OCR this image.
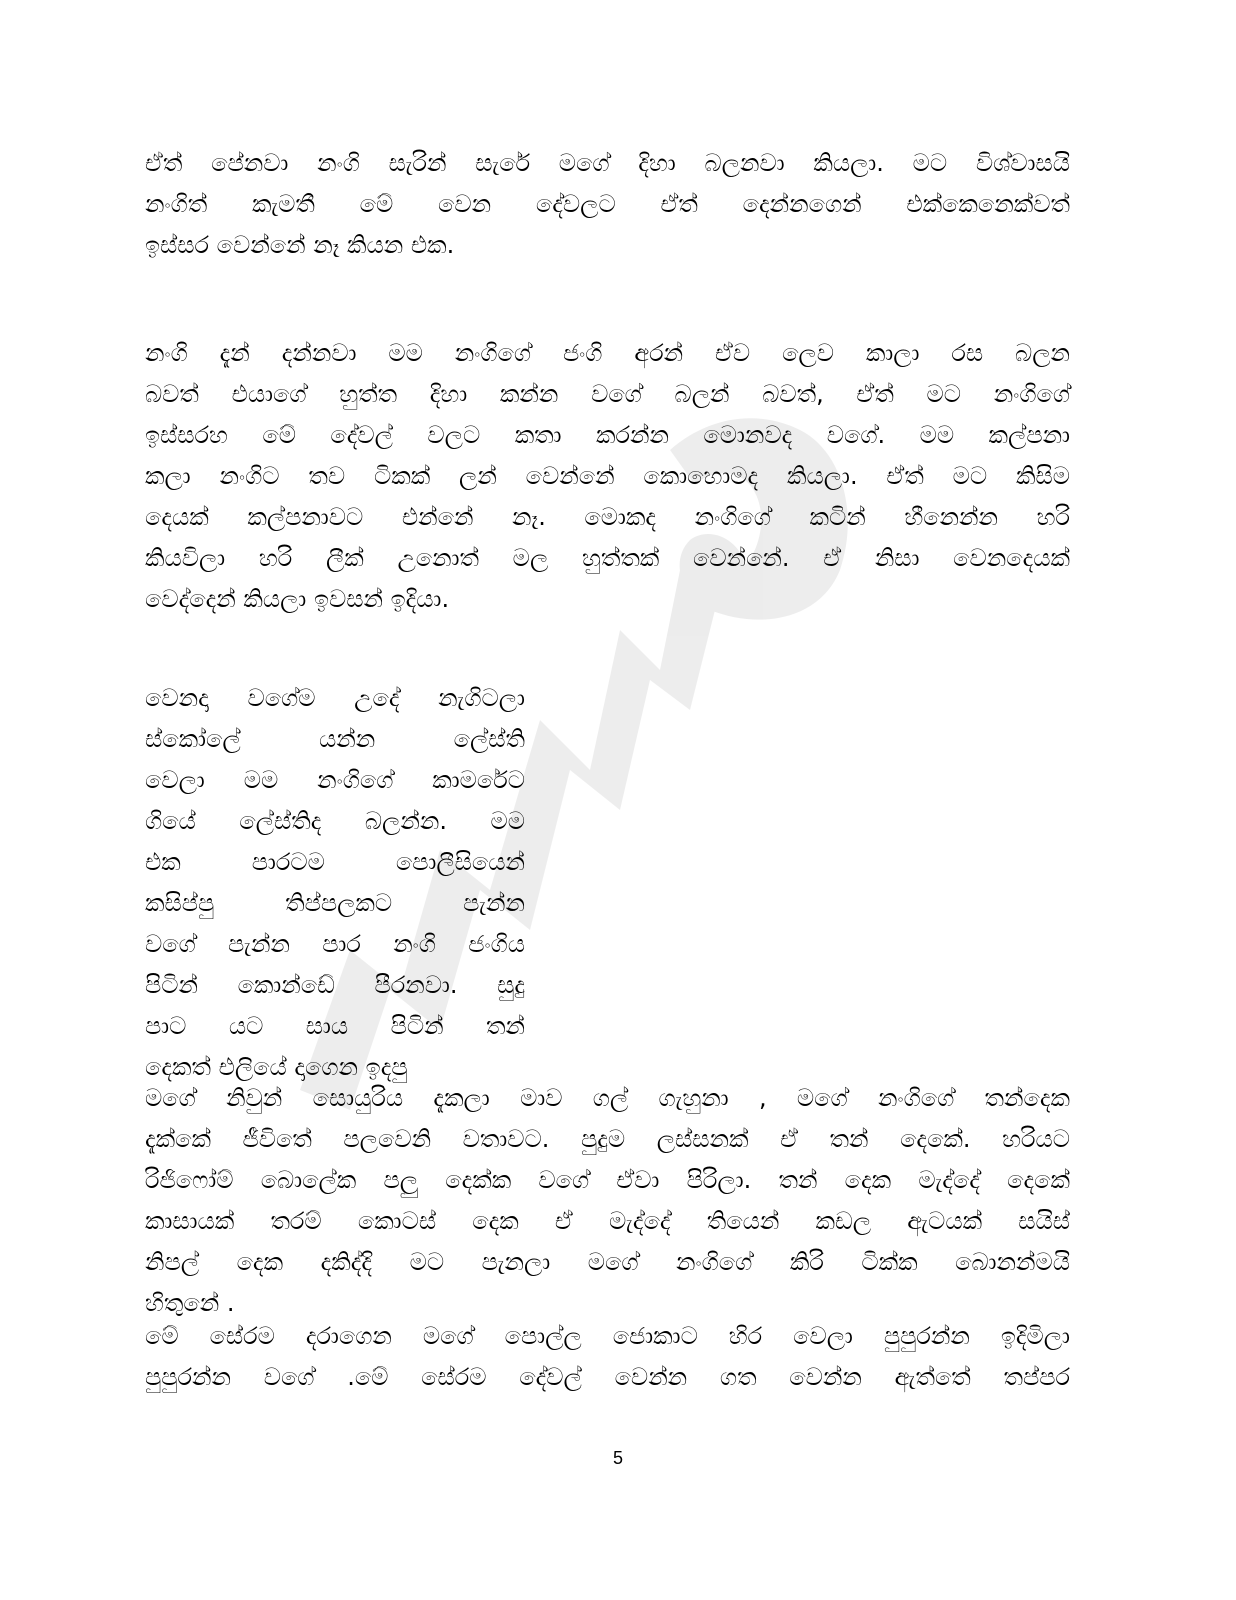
ඒත් පේනවා නංගි සැරින් සැරේ මගේ දිහා බලනවා කියලා. මට විශ්වාසයි
නංගිත් කැමතී මේ වෙන දේවලට ඒත් දෙන්නගෙන් එක්කෙනෙක්වත්
ඉස්සර වෙන්නේ නෑ කියන එක.
නංගි දැන් දන්නවා මම නංගිගේ ජංගි අරන් ඒව ලෙව කාලා රස බලන
බවත් එයාගේ හුත්ත දිහා කන්න වගේ බලන් බවත්, ඒත් මට නංගිගේ
ඉස්සරහ මේ දේවල් වලට කතා කරන්න මොනවද වගේ. මම කල්පනා
කලා නංගිට තව ටිකක් ලන් වෙන්නේ කොහොමද කියලා. ඒත් මට කිසිම
දෙයක් කල්පනාවට එන්නේ නෑ. මොකද නංගිගේ කටින් හීනෙන්න හරි
කියවිලා හරි ලීක් උනොත් මල හුත්තක් වෙන්නේ. ඒ නිසා වෙනදෙයක්
වෙද්දෙන් කියලා ඉවසන් ඉදියා.
වෙනදා වගේම උදේ නැගිටලා
ස්කෝලේ යන්න ලේස්ති
වෙලා මම නංගිගේ කාමරේට
ගියේ ලේස්තිද බලන්න. මම
එක පාරටම පොලීසියෙන්
කසිප්පු තිප්පලකට පැන්න
වගේ පැන්න පාර නංගි ජංගිය
පිටින් කොන්ඩේ පීරනවා. සුදු
පාට යට සාය පිටින් තන්
දෙකත් එලියේ දාගෙන ඉදපු
මගේ නිවුන් සොයුරිය දැකලා මාව ගල් ගැහුනා , මගේ නංගිගේ තන්දෙක
දැක්කේ ජීවිතේ පලවෙනි වතාවට. පුදුම ලස්සනක් ඒ තන් දෙකේ. හරියට
රිජිෆෝම් බොලේක පලු දෙක්ක වගේ ඒවා පිරිලා. තන් දෙක මැද්දේ දෙකේ
කාසායක් තරම් කොටස් දෙක ඒ මැද්දේ තියෙන් කඩල ඇටයක් සයිස්
නිපල් දෙක දකිද්දි මට පැනලා මගේ නංගිගේ කිරි ටික්ක බොනන්මයි
හිතුනේ .
මේ සේරම දරාගෙන මගේ පොල්ල ජොකාට හිර වෙලා පුපුරන්න ඉදිමිලා
පුපුරන්න වගේ .මේ සේරම දේවල් වෙන්න ගත වෙන්න ඇත්තේ තප්පර
5
